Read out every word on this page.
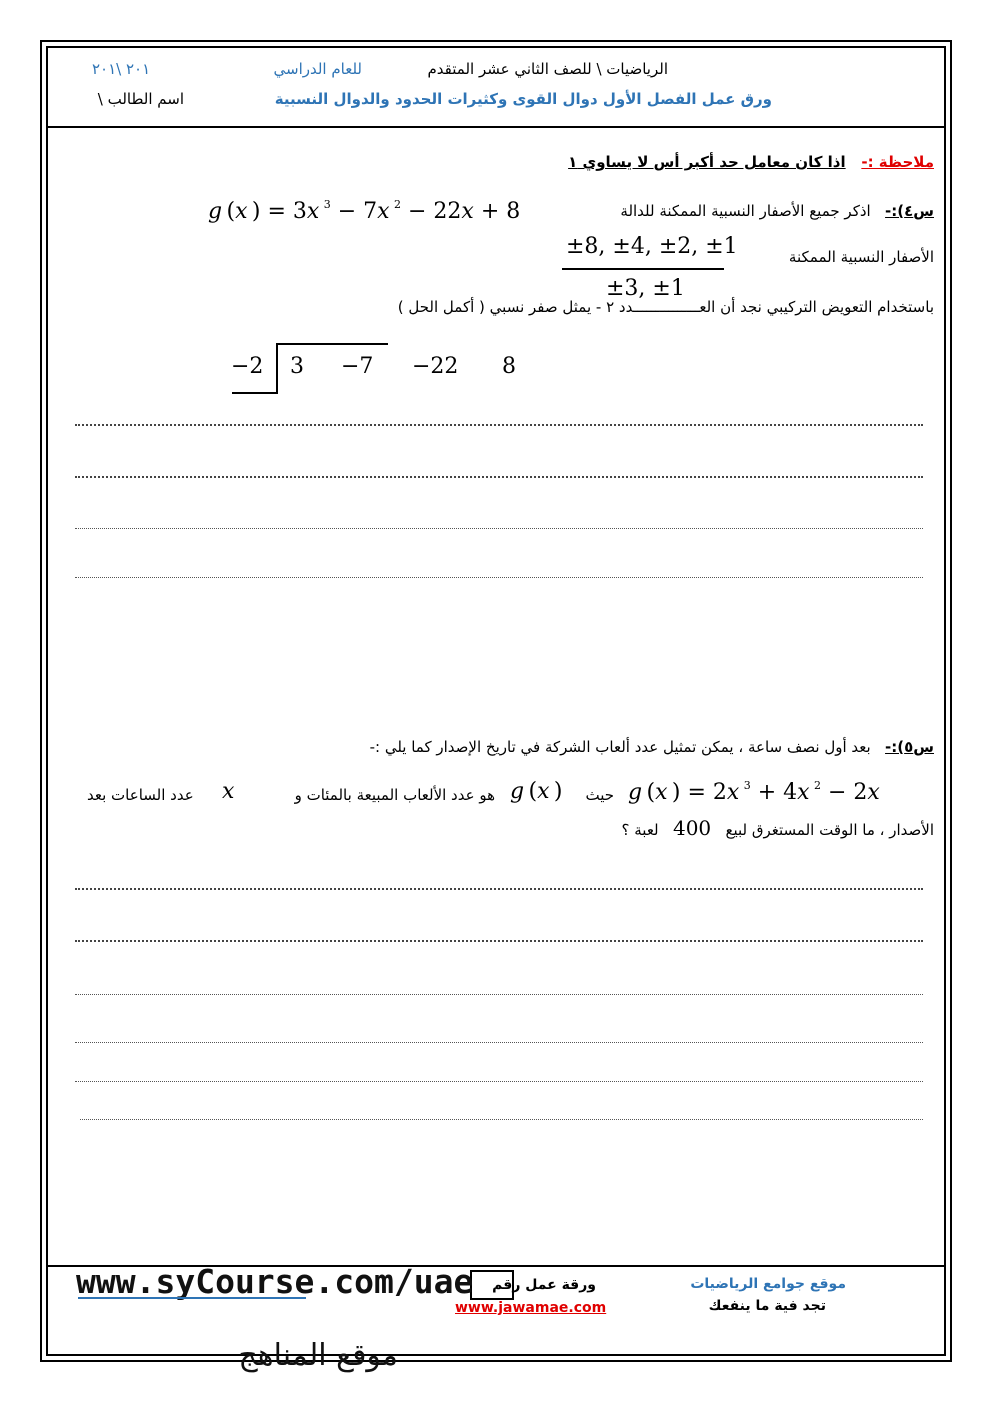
الرياضيات \ للصف الثاني عشر المتقدم
للعام الدراسي
٢٠١ \٢٠١
ورق عمل الفصل الأول دوال القوى وكثيرات الحدود والدوال النسبية
اسم الطالب \
ملاحظة :-   اذا كان معامل حد أكبر أس لا يساوي ١
س٤):-   اذكر جميع الأصفار النسبية الممكنة للدالة
g (x ) = 3x  $^3$ − 7x  $^2$ − 22x + 8
الأصفار النسبية الممكنة
±8, ±4, ±2, ±1
±3, ±1
باستخدام التعويض التركيبي نجد أن العـــــــــــــــدد ٢ - يمثل صفر نسبي ( أكمل الحل )
−2 3 −7 −22 8
س٥):-   بعد أول نصف ساعة ، يمكن تمثيل عدد ألعاب الشركة في تاريخ الإصدار كما يلي :-
g (x ) = 2x  $^3$ + 4x  $^2$ − 2x
حيث
g (x )
هو عدد الألعاب المبيعة بالمئات و
x
عدد الساعات بعد
الأصدار ، ما الوقت المستغرق لبيع   400   لعبة ؟
موقع جوامع الرياضيات
تجد فية ما ينفعك
ورقة عمل رقم
www.jawamae.com
www.syCourse.com/uae
موقع المناهج
